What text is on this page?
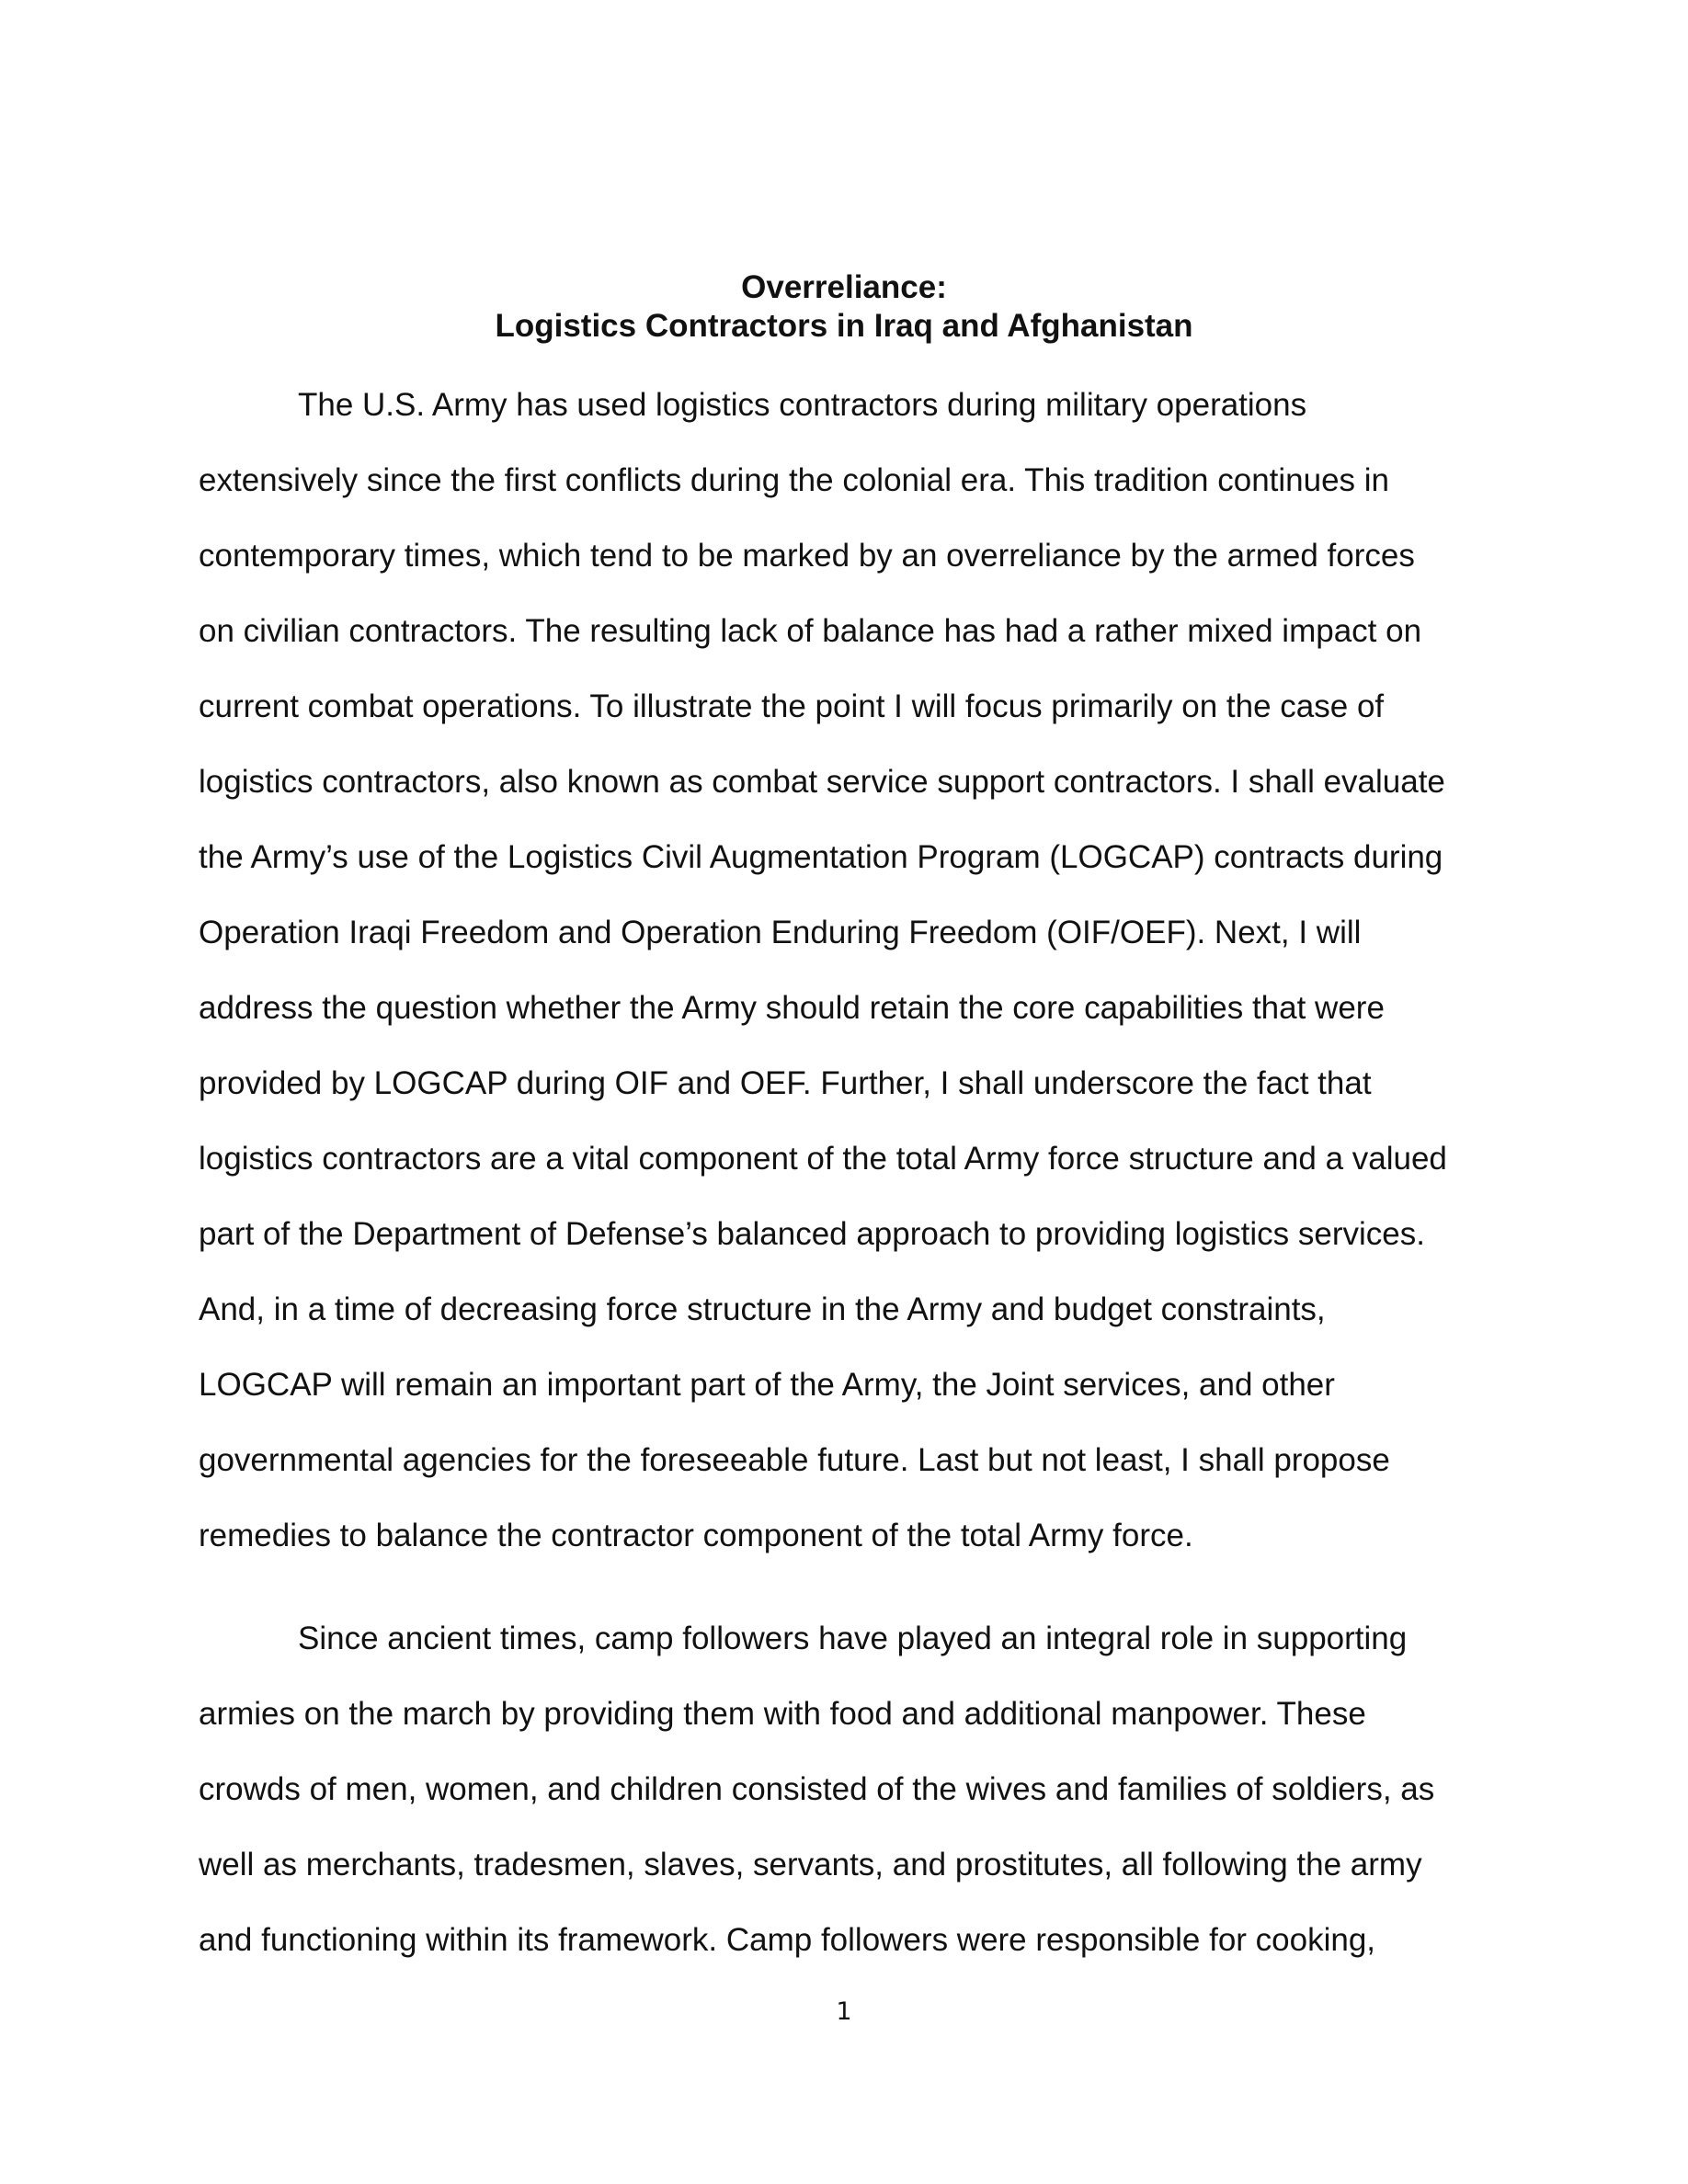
Overreliance:
Logistics Contractors in Iraq and Afghanistan
The U.S. Army has used logistics contractors during military operations
extensively since the first conflicts during the colonial era. This tradition continues in
contemporary times, which tend to be marked by an overreliance by the armed forces
on civilian contractors. The resulting lack of balance has had a rather mixed impact on
current combat operations. To illustrate the point I will focus primarily on the case of
logistics contractors, also known as combat service support contractors. I shall evaluate
the Army’s use of the Logistics Civil Augmentation Program (LOGCAP) contracts during
Operation Iraqi Freedom and Operation Enduring Freedom (OIF/OEF). Next, I will
address the question whether the Army should retain the core capabilities that were
provided by LOGCAP during OIF and OEF. Further, I shall underscore the fact that
logistics contractors are a vital component of the total Army force structure and a valued
part of the Department of Defense’s balanced approach to providing logistics services.
And, in a time of decreasing force structure in the Army and budget constraints,
LOGCAP will remain an important part of the Army, the Joint services, and other
governmental agencies for the foreseeable future. Last but not least, I shall propose
remedies to balance the contractor component of the total Army force.
Since ancient times, camp followers have played an integral role in supporting
armies on the march by providing them with food and additional manpower. These
crowds of men, women, and children consisted of the wives and families of soldiers, as
well as merchants, tradesmen, slaves, servants, and prostitutes, all following the army
and functioning within its framework. Camp followers were responsible for cooking,
1
